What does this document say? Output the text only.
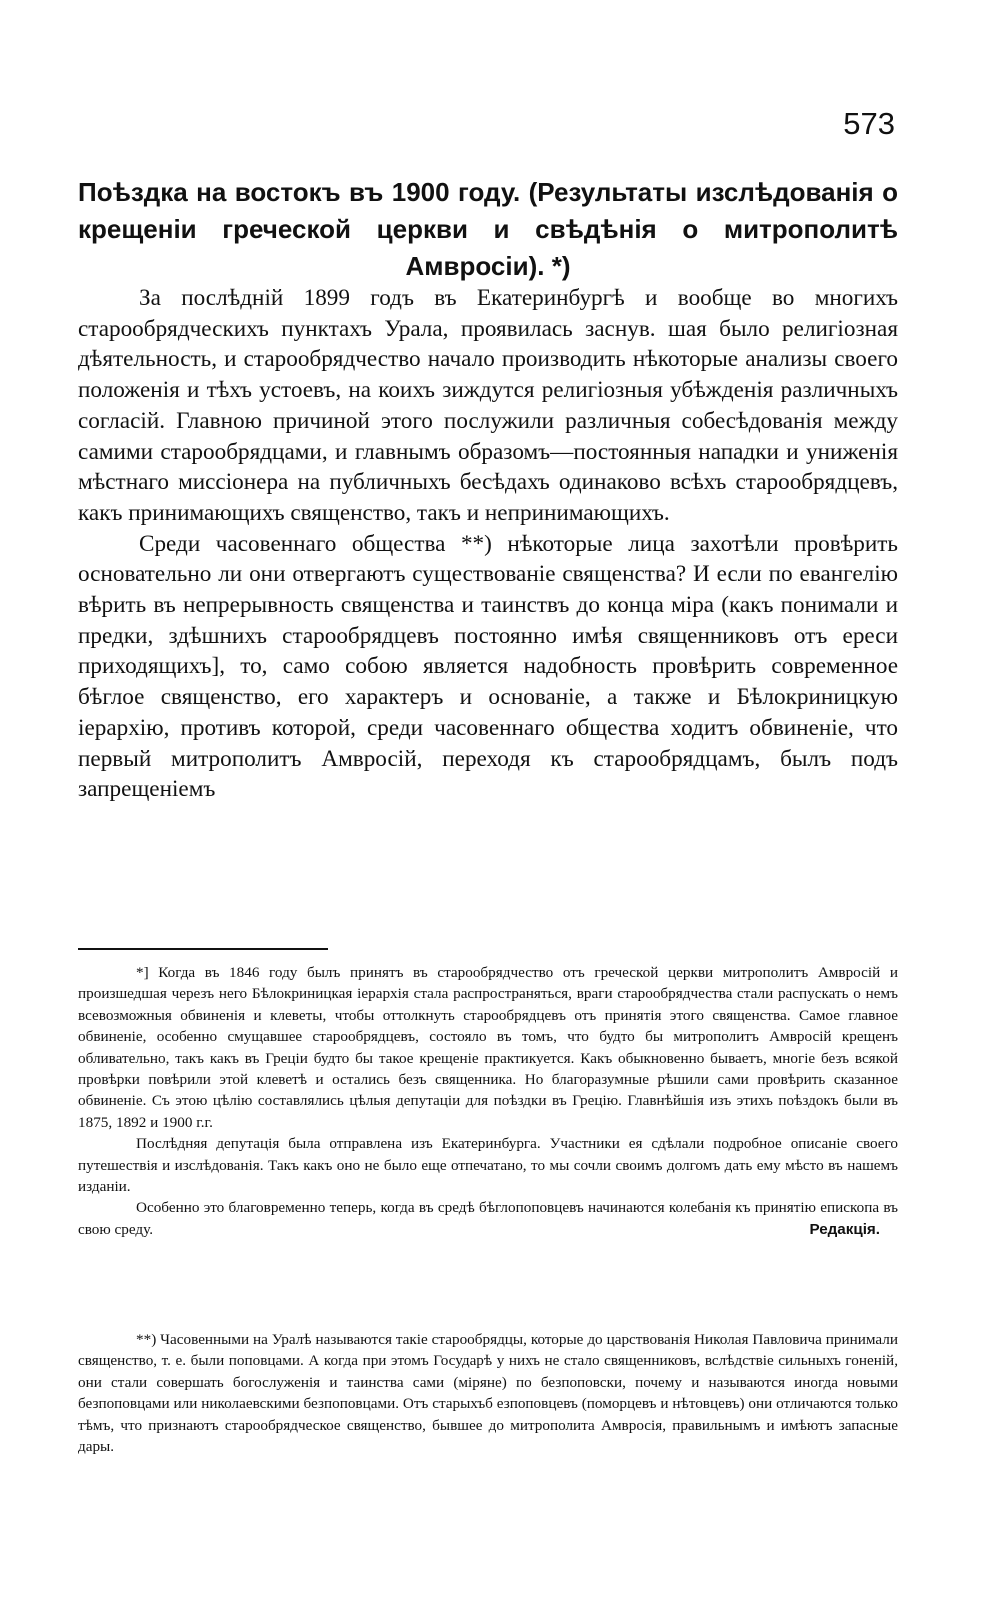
573
Поѣздка на востокъ въ 1900 году. (Результаты изслѣдованія о крещеніи греческой церкви и свѣдѣнія о митрополитѣ Амвросіи). *)

За послѣдній 1899 годъ въ Екатеринбургѣ и вообще во многихъ старообрядческихъ пунктахъ Урала, проявилась заснув. шая было религіозная дѣятельность, и старообрядчество начало производить нѣкоторые анализы своего положенія и тѣхъ устоевъ, на коихъ зиждутся религіозныя убѣжденія различныхъ согласій. Главною причиной этого послужили различныя собесѣдованія между самими старообрядцами, и главнымъ образомъ—постоянныя нападки и униженія мѣстнаго миссіонера на публичныхъ бесѣдахъ одинаково всѣхъ старообрядцевъ, какъ принимающихъ священство, такъ и непринимающихъ.

Среди часовеннаго общества **) нѣкоторые лица захотѣли провѣрить основательно ли они отвергаютъ существованіе священства? И если по евангелію вѣрить въ непрерывность священства и таинствъ до конца міра (какъ понимали и предки, здѣшнихъ старообрядцевъ постоянно имѣя священниковъ отъ ереси приходящихъ], то, само собою является надобность провѣрить современное бѣглое священство, его характеръ и основаніе, а также и Бѣлокриницкую іерархію, противъ которой, среди часовеннаго общества ходитъ обвиненіе, что первый митрополитъ Амвросій, переходя къ старообрядцамъ, былъ подъ запрещеніемъ

*] Когда въ 1846 году былъ принятъ въ старообрядчество отъ греческой церкви митрополитъ Амвросій и произшедшая черезъ него Бѣлокриницкая іерархія стала распространяться, враги старообрядчества стали распускать о немъ всевозможныя обвиненія и клеветы, чтобы оттолкнуть старообрядцевъ отъ принятія этого священства. Самое главное обвиненіе, особенно смущавшее старообрядцевъ, состояло въ томъ, что будто бы митрополитъ Амвросій крещенъ обливательно, такъ какъ въ Греціи будто бы такое крещеніе практикуется. Какъ обыкновенно бываетъ, многіе безъ всякой провѣрки повѣрили этой клеветѣ и остались безъ священника. Но благоразумные рѣшили сами провѣрить сказанное обвиненіе. Съ этою цѣлію составлялись цѣлыя депутаціи для поѣздки въ Грецію. Главнѣйшія изъ этихъ поѣздокъ были въ 1875, 1892 и 1900 г.г.

Послѣдняя депутація была отправлена изъ Екатеринбурга. Участники ея сдѣлали подробное описаніе своего путешествія и изслѣдованія. Такъ какъ оно не было еще отпечатано, то мы сочли своимъ долгомъ дать ему мѣсто въ нашемъ изданіи.

Особенно это благовременно теперь, когда въ средѣ бѣглопоповцевъ начинаются колебанія къ принятію епископа въ свою среду.	Редакція.

**) Часовенными на Уралѣ называются такіе старообрядцы, которые до царствованія Николая Павловича принимали священство, т. е. были поповцами. А когда при этомъ Государѣ у нихъ не стало священниковъ, вслѣдствіе сильныхъ гоненій, они стали совершать богослуженія и таинства сами (міряне) по безпоповски, почему и называются иногда новыми безпоповцами или николаевскими безпоповцами. Отъ старыхъб езпоповцевъ (поморцевъ и нѣтовцевъ) они отличаются только тѣмъ, что признаютъ старообрядческое священство, бывшее до митрополита Амвросія, правильнымъ и имѣютъ запасные дары.
